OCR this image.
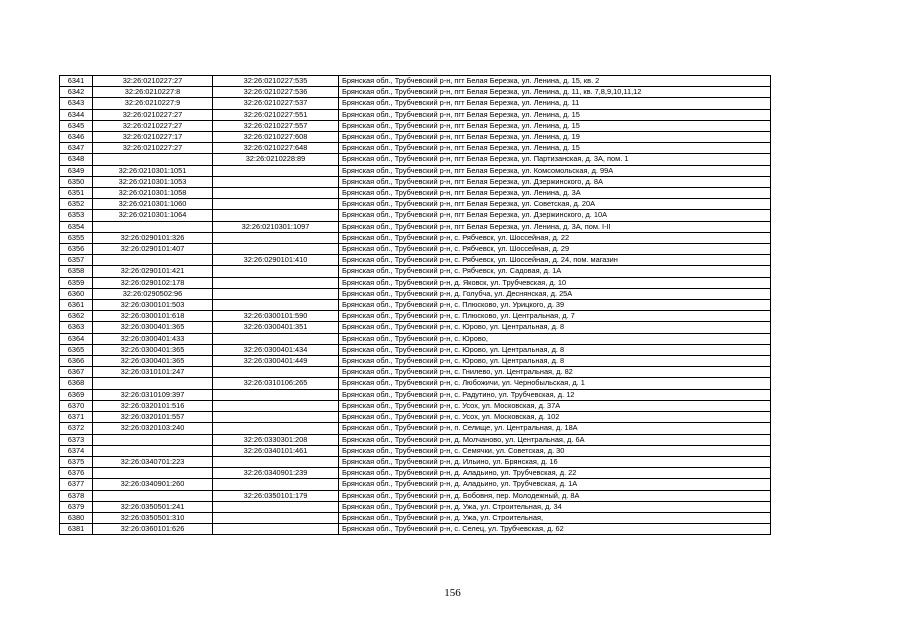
6341	32:26:0210227:27	32:26:0210227:535	Брянская обл., Трубчевский р-н, пгт Белая Березка, ул. Ленина, д. 15, кв. 2
6342	32:26:0210227:8	32:26:0210227:536	Брянская обл., Трубчевский р-н, пгт Белая Березка, ул. Ленина, д. 11, кв. 7,8,9,10,11,12
6343	32:26:0210227:9	32:26:0210227:537	Брянская обл., Трубчевский р-н, пгт Белая Березка, ул. Ленина, д. 11
6344	32:26:0210227:27	32:26:0210227:551	Брянская обл., Трубчевский р-н, пгт Белая Березка, ул. Ленина, д. 15
6345	32:26:0210227:27	32:26:0210227:557	Брянская обл., Трубчевский р-н, пгт Белая Березка, ул. Ленина, д. 15
6346	32:26:0210227:17	32:26:0210227:608	Брянская обл., Трубчевский р-н, пгт Белая Березка, ул. Ленина, д. 19
6347	32:26:0210227:27	32:26:0210227:648	Брянская обл., Трубчевский р-н, пгт Белая Березка, ул. Ленина, д. 15
6348		32:26:0210228:89	Брянская обл., Трубчевский р-н, пгт Белая Березка, ул. Партизанская, д. 3А, пом. 1
6349	32:26:0210301:1051		Брянская обл., Трубчевский р-н, пгт Белая Березка, ул. Комсомольская, д. 99А
6350	32:26:0210301:1053		Брянская обл., Трубчевский р-н, пгт Белая Березка, ул. Дзержинского, д. 8А
6351	32:26:0210301:1058		Брянская обл., Трубчевский р-н, пгт Белая Березка, ул. Ленина, д. 3А
6352	32:26:0210301:1060		Брянская обл., Трубчевский р-н, пгт Белая Березка, ул. Советская, д. 20А
6353	32:26:0210301:1064		Брянская обл., Трубчевский р-н, пгт Белая Березка, ул. Дзержинского, д. 10А
6354		32:26:0210301:1097	Брянская обл., Трубчевский р-н, пгт Белая Березка, ул. Ленина, д. 3А, пом. I-II
6355	32:26:0290101:326		Брянская обл., Трубчевский р-н, с. Рябчевск, ул. Шоссейная, д. 22
6356	32:26:0290101:407		Брянская обл., Трубчевский р-н, с. Рябчевск, ул. Шоссейная, д. 29
6357		32:26:0290101:410	Брянская обл., Трубчевский р-н, с. Рябчевск, ул. Шоссейная, д. 24, пом. магазин
6358	32:26:0290101:421		Брянская обл., Трубчевский р-н, с. Рябчевск, ул. Садовая, д. 1А
6359	32:26:0290102:178		Брянская обл., Трубчевский р-н, д. Яковск, ул. Трубчевская, д. 10
6360	32:26:0290502:96		Брянская обл., Трубчевский р-н, д. Голубча, ул. Деснянская, д. 25А
6361	32:26:0300101:503		Брянская обл., Трубчевский р-н, с. Плюсково, ул. Урицкого, д. 39
6362	32:26:0300101:618	32:26:0300101:590	Брянская обл., Трубчевский р-н, с. Плюсково, ул. Центральная, д. 7
6363	32:26:0300401:365	32:26:0300401:351	Брянская обл., Трубчевский р-н, с. Юрово, ул. Центральная, д. 8
6364	32:26:0300401:433		Брянская обл., Трубчевский р-н, с. Юрово,
6365	32:26:0300401:365	32:26:0300401:434	Брянская обл., Трубчевский р-н, с. Юрово, ул. Центральная, д. 8
6366	32:26:0300401:365	32:26:0300401:449	Брянская обл., Трубчевский р-н, с. Юрово, ул. Центральная, д. 8
6367	32:26:0310101:247		Брянская обл., Трубчевский р-н, с. Гнилево, ул. Центральная, д. 82
6368		32:26:0310106:265	Брянская обл., Трубчевский р-н, с. Любожичи, ул. Чернобыльская, д. 1
6369	32:26:0310109:397		Брянская обл., Трубчевский р-н, с. Радутино, ул. Трубчевская, д. 12
6370	32:26:0320101:516		Брянская обл., Трубчевский р-н, с. Усох, ул. Московская, д. 37А
6371	32:26:0320101:557		Брянская обл., Трубчевский р-н, с. Усох, ул. Московская, д. 102
6372	32:26:0320103:240		Брянская обл., Трубчевский р-н, п. Селище, ул. Центральная, д. 18А
6373		32:26:0330301:208	Брянская обл., Трубчевский р-н, д. Молчаново, ул. Центральная, д. 6А
6374		32:26:0340101:461	Брянская обл., Трубчевский р-н, с. Семячки, ул. Советская, д. 30
6375	32:26:0340701:223		Брянская обл., Трубчевский р-н, д. Ильино, ул. Брянская, д. 16
6376		32:26:0340901:239	Брянская обл., Трубчевский р-н, д. Аладьино, ул. Трубчевская, д. 22
6377	32:26:0340901:260		Брянская обл., Трубчевский р-н, д. Аладьино, ул. Трубчевская, д. 1А
6378		32:26:0350101:179	Брянская обл., Трубчевский р-н, д. Бобовня, пер. Молодежный, д. 8А
6379	32:26:0350501:241		Брянская обл., Трубчевский р-н, д. Ужа, ул. Строительная, д. 34
6380	32:26:0350501:310		Брянская обл., Трубчевский р-н, д. Ужа, ул. Строительная,
6381	32:26:0360101:626		Брянская обл., Трубчевский р-н, с. Селец, ул. Трубчевская, д. 62
156
